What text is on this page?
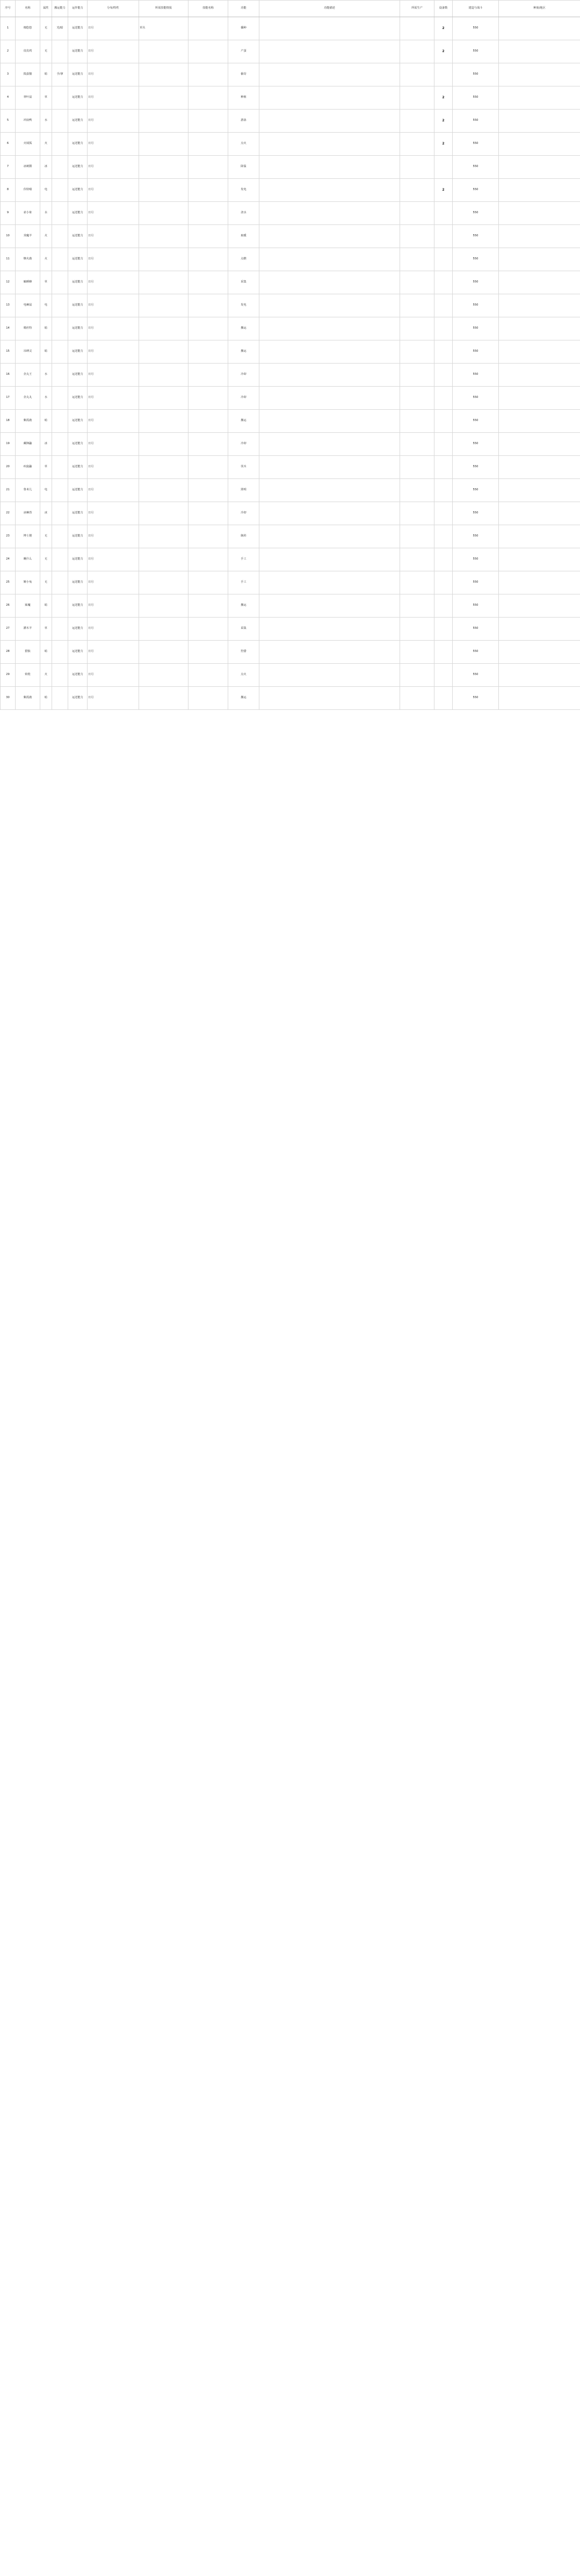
序号	名称	属性	搬运能力	运作能力	分布/特性	所需技能情报	技能名称	功能	功能描述	所需生产	设备数	建造与战斗	种族/地区
1	棉悠悠	无	光/暗	运送能力	日月	草丛		播种			2	550	
2	皮皮鸡	无		运送能力	日月			产蛋			2	550	
3	捣蛋猫	暗	手/拿	运送能力	日月			偷窃				550	
4	翠叶鼠	草		运送能力	日月			种植			2	550	
5	冲浪鸭	水		运送能力	日月			游泳			2	550	
6	火绒狐	火		运送能力	日月			点火			2	550	
7	冰刺猬	冰		运送能力	日月			降温				550	
8	伏特喵	电		运送能力	日月			发电			2	550	
9	壶小象	水		运送能力	日月			浇水				550	
10	炎魔羊	火		运送能力	日月			取暖				550	
11	燎火鹿	火		运送能力	日月			点燃				550	
12	瞌睡蜂	草		运送能力	日月			采集				550	
13	电棘鼠	电		运送能力	日月			发电				550	
14	喵丝特	暗		运送能力	日月			搬运				550	
15	吊缚灵	暗		运送能力	日月			搬运				550	
16	企丸王	水		运送能力	日月			冷却				550	
17	企丸丸	水		运送能力	日月			冷却				550	
18	紫霞鹿	暗		运送能力	日月			搬运				550	
19	藏锋鼬	冰		运送能力	日月			冷却				550	
20	疾旋鼬	草		运送能力	日月			伐木				550	
21	鲁米儿	电		运送能力	日月			照明				550	
22	冰棘兽	冰		运送能力	日月			冷却				550	
23	博士狸	无		运送能力	日月			制药				550	
24	瞅什么	无		运送能力	日月			手工				550	
25	姬小兔	无		运送能力	日月			手工				550	
26	寐魔	暗		运送能力	日月			搬运				550	
27	灌木羊	草		运送能力	日月			采集				550	
28	猎狼	暗		运送能力	日月			狩猎				550	
29	焰煌	火		运送能力	日月			点火				550	
30	紫霞鹿	暗		运送能力	日月			搬运				550	
